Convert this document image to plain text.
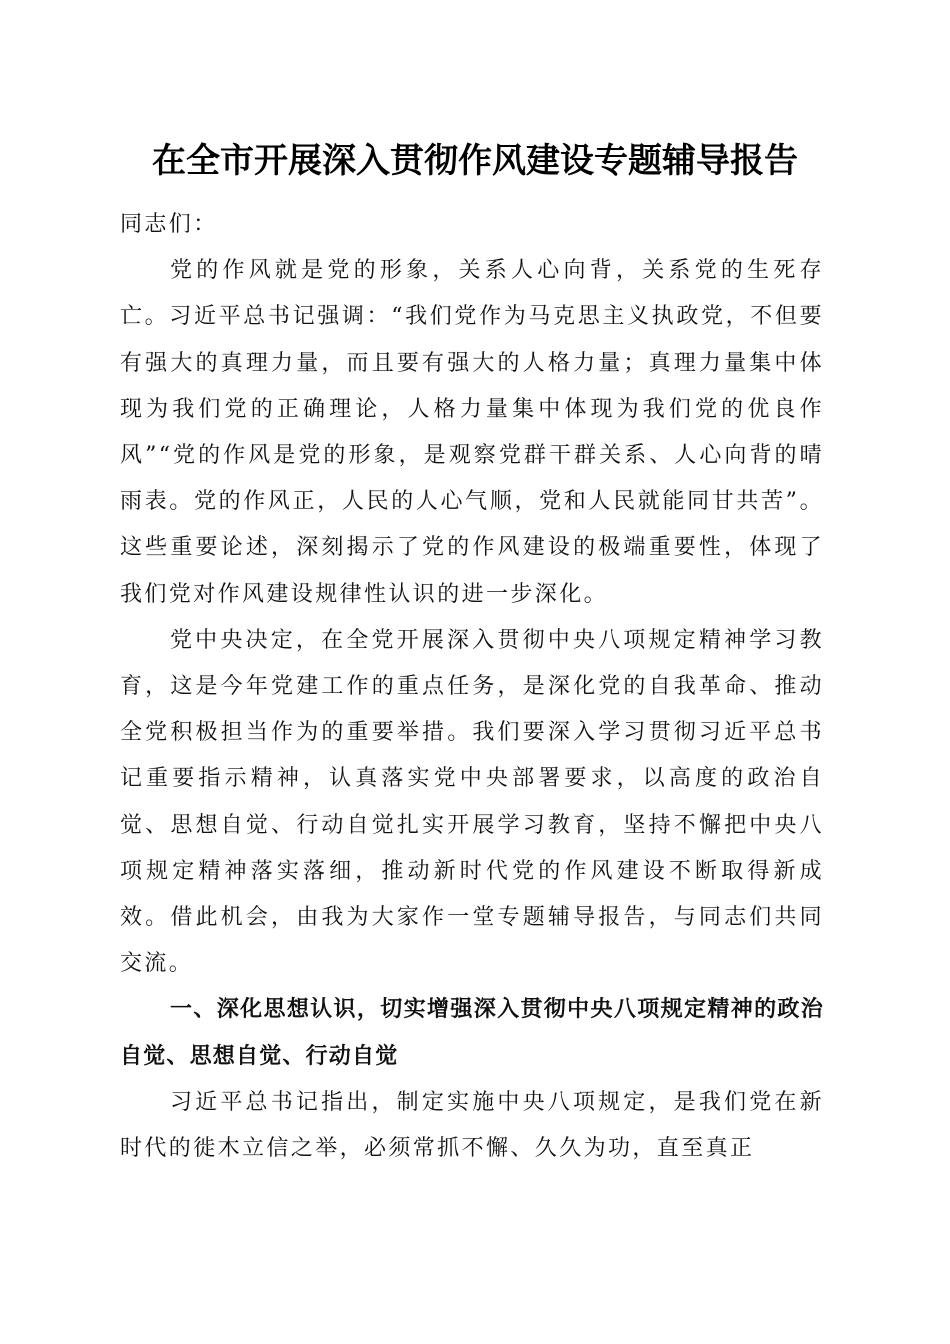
在全市开展深入贯彻作风建设专题辅导报告

同志们：

党的作风就是党的形象，关系人心向背，关系党的生死存亡。习近平总书记强调：“我们党作为马克思主义执政党，不但要有强大的真理力量，而且要有强大的人格力量；真理力量集中体现为我们党的正确理论，人格力量集中体现为我们党的优良作风”“党的作风是党的形象，是观察党群干群关系、人心向背的晴雨表。党的作风正，人民的人心气顺，党和人民就能同甘共苦”。这些重要论述，深刻揭示了党的作风建设的极端重要性，体现了我们党对作风建设规律性认识的进一步深化。

党中央决定，在全党开展深入贯彻中央八项规定精神学习教育，这是今年党建工作的重点任务，是深化党的自我革命、推动全党积极担当作为的重要举措。我们要深入学习贯彻习近平总书记重要指示精神，认真落实党中央部署要求，以高度的政治自觉、思想自觉、行动自觉扎实开展学习教育，坚持不懈把中央八项规定精神落实落细，推动新时代党的作风建设不断取得新成效。借此机会，由我为大家作一堂专题辅导报告，与同志们共同交流。

一、深化思想认识，切实增强深入贯彻中央八项规定精神的政治自觉、思想自觉、行动自觉

习近平总书记指出，制定实施中央八项规定，是我们党在新时代的徙木立信之举，必须常抓不懈、久久为功，直至真正
